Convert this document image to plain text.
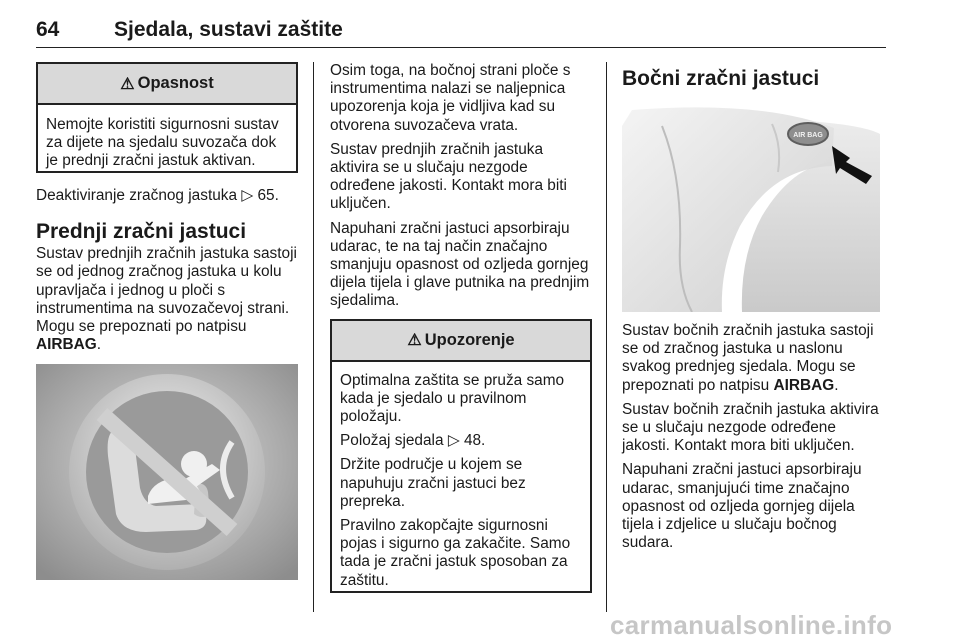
64	Sjedala, sustavi zaštite
⚠ Opasnost

Nemojte koristiti sigurnosni sustav za dijete na sjedalu suvozača dok je prednji zračni jastuk aktivan.

Deaktiviranje zračnog jastuka ▷ 65.

Prednji zračni jastuci

Sustav prednjih zračnih jastuka sastoji se od jednog zračnog jastuka u kolu upravljača i jednog u ploči s instrumentima na suvozačevoj strani. Mogu se prepoznati po natpisu AIRBAG.

Osim toga, na bočnoj strani ploče s instrumentima nalazi se naljepnica upozorenja koja je vidljiva kad su otvorena suvozačeva vrata.

Sustav prednjih zračnih jastuka aktivira se u slučaju nezgode određene jakosti. Kontakt mora biti uključen.

Napuhani zračni jastuci apsorbiraju udarac, te na taj način značajno smanjuju opasnost od ozljeda gornjeg dijela tijela i glave putnika na prednjim sjedalima.

⚠ Upozorenje

Optimalna zaštita se pruža samo kada je sjedalo u pravilnom položaju.

Položaj sjedala ▷ 48.

Držite područje u kojem se napuhuju zračni jastuci bez prepreka.

Pravilno zakopčajte sigurnosni pojas i sigurno ga zakačite. Samo tada je zračni jastuk sposoban za zaštitu.

Bočni zračni jastuci
AIR BAG

Sustav bočnih zračnih jastuka sastoji se od zračnog jastuka u naslonu svakog prednjeg sjedala. Mogu se prepoznati po natpisu AIRBAG.

Sustav bočnih zračnih jastuka aktivira se u slučaju nezgode određene jakosti. Kontakt mora biti uključen.

Napuhani zračni jastuci apsorbiraju udarac, smanjujući time značajno opasnost od ozljeda gornjeg dijela tijela i zdjelice u slučaju bočnog sudara.

carmanualsonline.info
